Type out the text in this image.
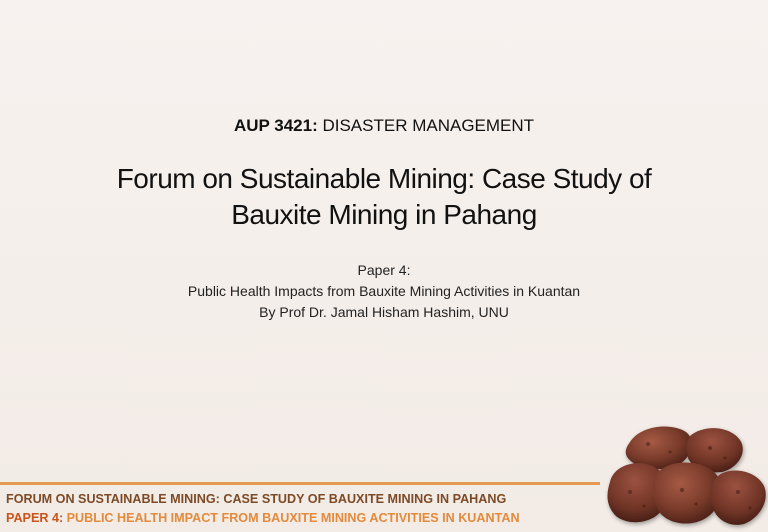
AUP 3421: DISASTER MANAGEMENT
Forum on Sustainable Mining: Case Study of
Bauxite Mining in Pahang
Paper 4:
Public Health Impacts from Bauxite Mining Activities in Kuantan
By Prof Dr. Jamal Hisham Hashim, UNU
FORUM ON SUSTAINABLE MINING: CASE STUDY OF BAUXITE MINING IN PAHANG
PAPER 4: PUBLIC HEALTH IMPACT FROM BAUXITE MINING ACTIVITIES IN KUANTAN
